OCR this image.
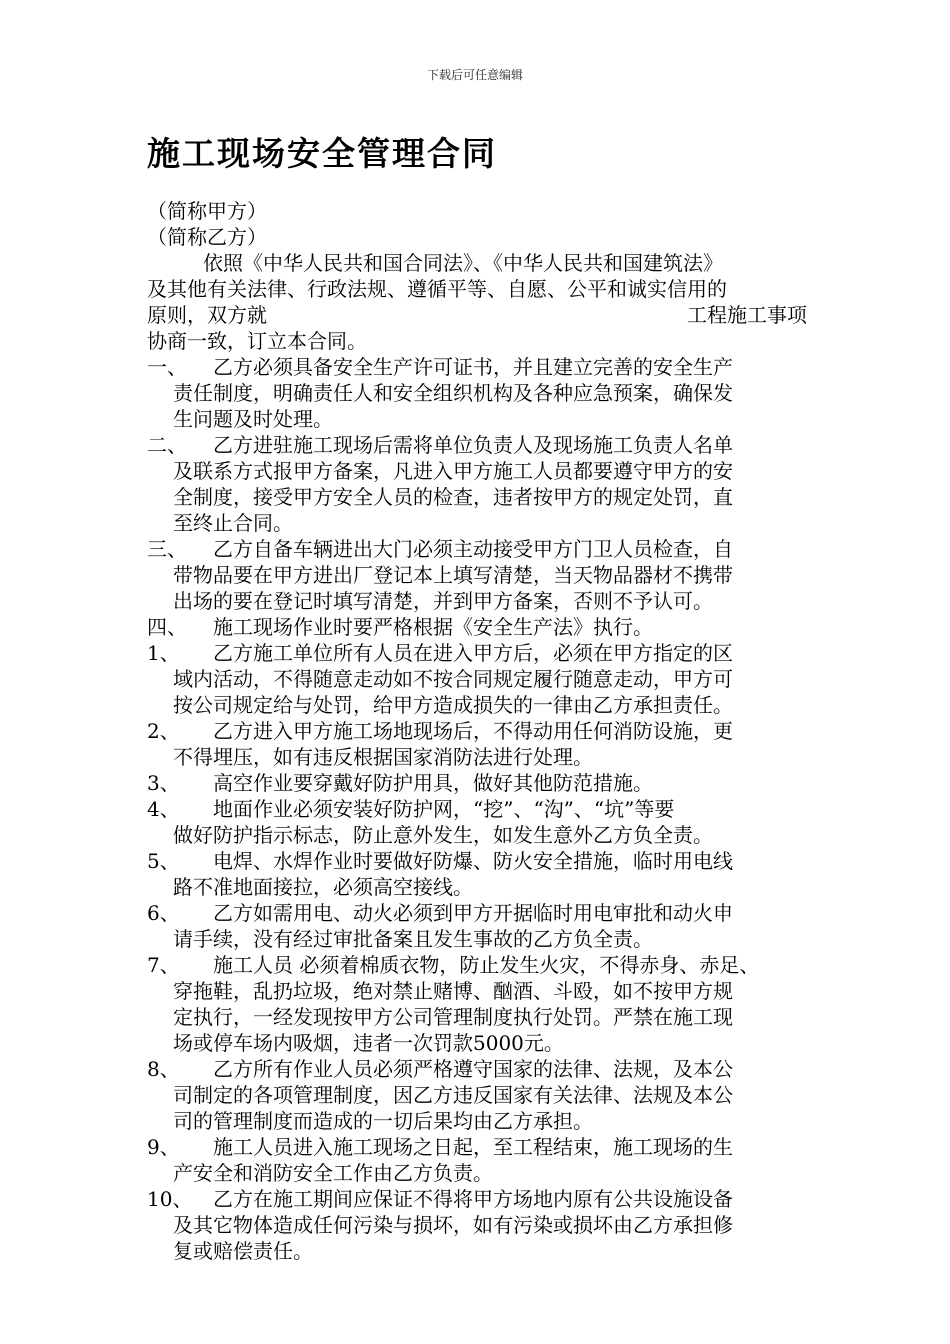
下载后可任意编辑
施工现场安全管理合同
（简称甲方）
（简称乙方）
依照《中华人民共和国合同法》、《中华人民共和国建筑法》
及其他有关法律、行政法规、遵循平等、自愿、公平和诚实信用的
原则，双方就	工程施工事项
协商一致，订立本合同。
一、	乙方必须具备安全生产许可证书，并且建立完善的安全生产
责任制度，明确责任人和安全组织机构及各种应急预案，确保发
生问题及时处理。
二、	乙方进驻施工现场后需将单位负责人及现场施工负责人名单
及联系方式报甲方备案，凡进入甲方施工人员都要遵守甲方的安
全制度，接受甲方安全人员的检查，违者按甲方的规定处罚，直
至终止合同。
三、	乙方自备车辆进出大门必须主动接受甲方门卫人员检查，自
带物品要在甲方进出厂登记本上填写清楚，当天物品器材不携带
出场的要在登记时填写清楚，并到甲方备案，否则不予认可。
四、	施工现场作业时要严格根据《安全生产法》执行。
1、	乙方施工单位所有人员在进入甲方后，必须在甲方指定的区
域内活动，不得随意走动如不按合同规定履行随意走动，甲方可
按公司规定给与处罚，给甲方造成损失的一律由乙方承担责任。
2、	乙方进入甲方施工场地现场后，不得动用任何消防设施，更
不得埋压，如有违反根据国家消防法进行处理。
3、	高空作业要穿戴好防护用具，做好其他防范措施。
4、	地面作业必须安装好防护网，“挖”、“沟”、“坑”等要
做好防护指示标志，防止意外发生，如发生意外乙方负全责。
5、	电焊、水焊作业时要做好防爆、防火安全措施，临时用电线
路不准地面接拉，必须高空接线。
6、	乙方如需用电、动火必须到甲方开据临时用电审批和动火申
请手续，没有经过审批备案且发生事故的乙方负全责。
7、	施工人员 必须着棉质衣物，防止发生火灾，不得赤身、赤足、
穿拖鞋，乱扔垃圾，绝对禁止赌博、酗酒、斗殴，如不按甲方规
定执行，一经发现按甲方公司管理制度执行处罚。严禁在施工现
场或停车场内吸烟，违者一次罚款5000元。
8、	乙方所有作业人员必须严格遵守国家的法律、法规，及本公
司制定的各项管理制度，因乙方违反国家有关法律、法规及本公
司的管理制度而造成的一切后果均由乙方承担。
9、	施工人员进入施工现场之日起，至工程结束，施工现场的生
产安全和消防安全工作由乙方负责。
10、	乙方在施工期间应保证不得将甲方场地内原有公共设施设备
及其它物体造成任何污染与损坏，如有污染或损坏由乙方承担修
复或赔偿责任。
